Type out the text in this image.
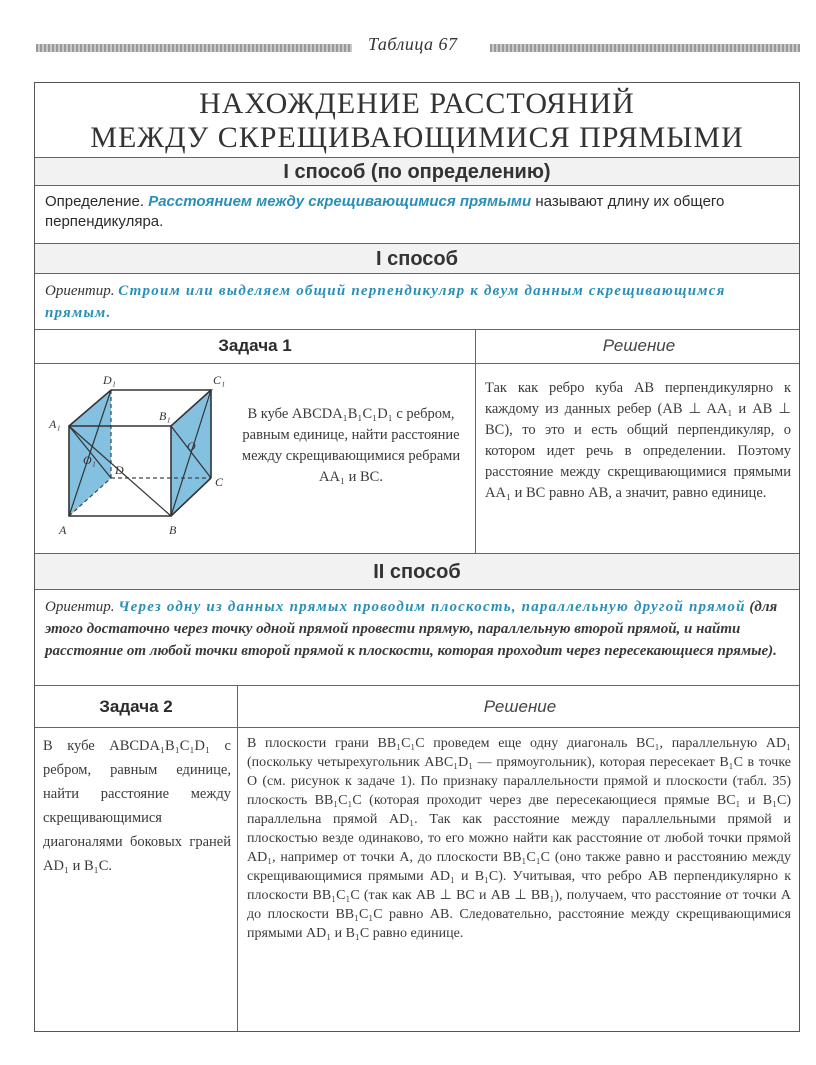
Таблица 67
НАХОЖДЕНИЕ РАССТОЯНИЙ
МЕЖДУ СКРЕЩИВАЮЩИМИСЯ ПРЯМЫМИ
I способ (по определению)
Определение. Расстоянием между скрещивающимися прямыми называют длину их общего перпендикуляра.
I способ
Ориентир. Строим или выделяем общий перпендикуляр к двум данным скрещивающимся прямым.
Задача 1	Решение
D₁	C₁
A₁
B₁
O
O₁
D
C
A	B
В кубе ABCDA₁B₁C₁D₁ с ребром, равным единице, найти расстояние между скрещивающимися ребрами AA₁ и BC.
Так как ребро куба AB перпендикулярно к каждому из данных ребер (AB ⊥ AA₁ и AB ⊥ BC), то это и есть общий перпендикуляр, о котором идет речь в определении. Поэтому расстояние между скрещивающимися прямыми AA₁ и BC равно AB, а значит, равно единице.
II способ
Ориентир. Через одну из данных прямых проводим плоскость, параллельную другой прямой (для этого достаточно через точку одной прямой провести прямую, параллельную второй прямой, и найти расстояние от любой точки второй прямой к плоскости, которая проходит через пересекающиеся прямые).
Задача 2	Решение
В кубе ABCDA₁B₁C₁D₁ с ребром, равным единице, найти расстояние между скрещивающимися диагоналями боковых граней AD₁ и B₁C.
В плоскости грани BB₁C₁C проведем еще одну диагональ BC₁, параллельную AD₁ (поскольку четырехугольник ABC₁D₁ — прямоугольник), которая пересекает B₁C в точке O (см. рисунок к задаче 1). По признаку параллельности прямой и плоскости (табл. 35) плоскость BB₁C₁C (которая проходит через две пересекающиеся прямые BC₁ и B₁C) параллельна прямой AD₁. Так как расстояние между параллельными прямой и плоскостью везде одинаково, то его можно найти как расстояние от любой точки прямой AD₁, например от точки A, до плоскости BB₁C₁C (оно также равно и расстоянию между скрещивающимися прямыми AD₁ и B₁C). Учитывая, что ребро AB перпендикулярно к плоскости BB₁C₁C (так как AB ⊥ BC и AB ⊥ BB₁), получаем, что расстояние от точки A до плоскости BB₁C₁C равно AB. Следовательно, расстояние между скрещивающимися прямыми AD₁ и B₁C равно единице.
